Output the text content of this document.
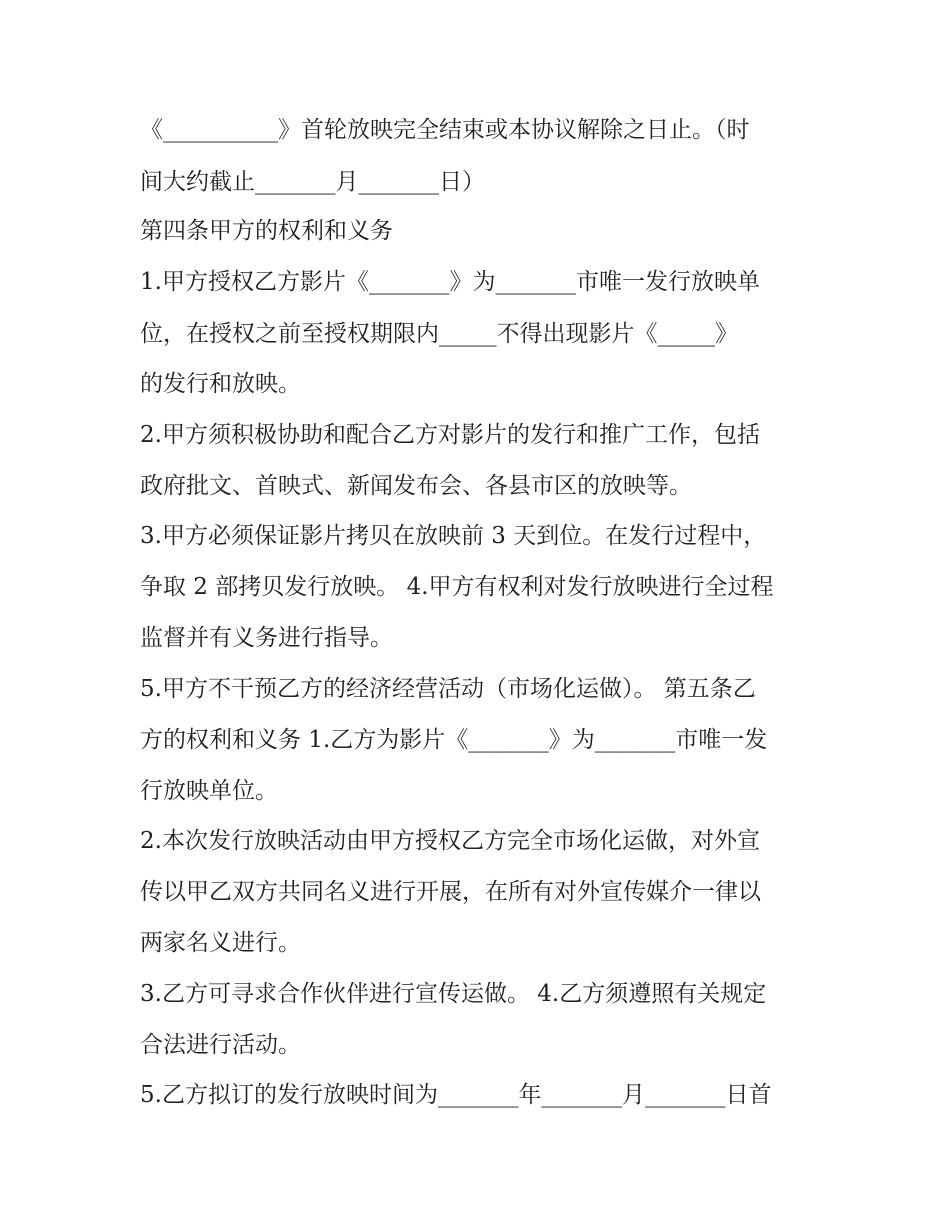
《__________》首轮放映完全结束或本协议解除之日止。（时
间大约截止_______月_______日）
第四条甲方的权利和义务
1.甲方授权乙方影片《_______》为_______市唯一发行放映单
位，在授权之前至授权期限内_____不得出现影片《_____》
的发行和放映。
2.甲方须积极协助和配合乙方对影片的发行和推广工作，包括
政府批文、首映式、新闻发布会、各县市区的放映等。
3.甲方必须保证影片拷贝在放映前 3 天到位。在发行过程中，
争取 2 部拷贝发行放映。 4.甲方有权利对发行放映进行全过程
监督并有义务进行指导。
5.甲方不干预乙方的经济经营活动（市场化运做）。 第五条乙
方的权利和义务 1.乙方为影片《_______》为_______市唯一发
行放映单位。
2.本次发行放映活动由甲方授权乙方完全市场化运做，对外宣
传以甲乙双方共同名义进行开展，在所有对外宣传媒介一律以
两家名义进行。
3.乙方可寻求合作伙伴进行宣传运做。 4.乙方须遵照有关规定
合法进行活动。
5.乙方拟订的发行放映时间为_______年_______月_______日首
